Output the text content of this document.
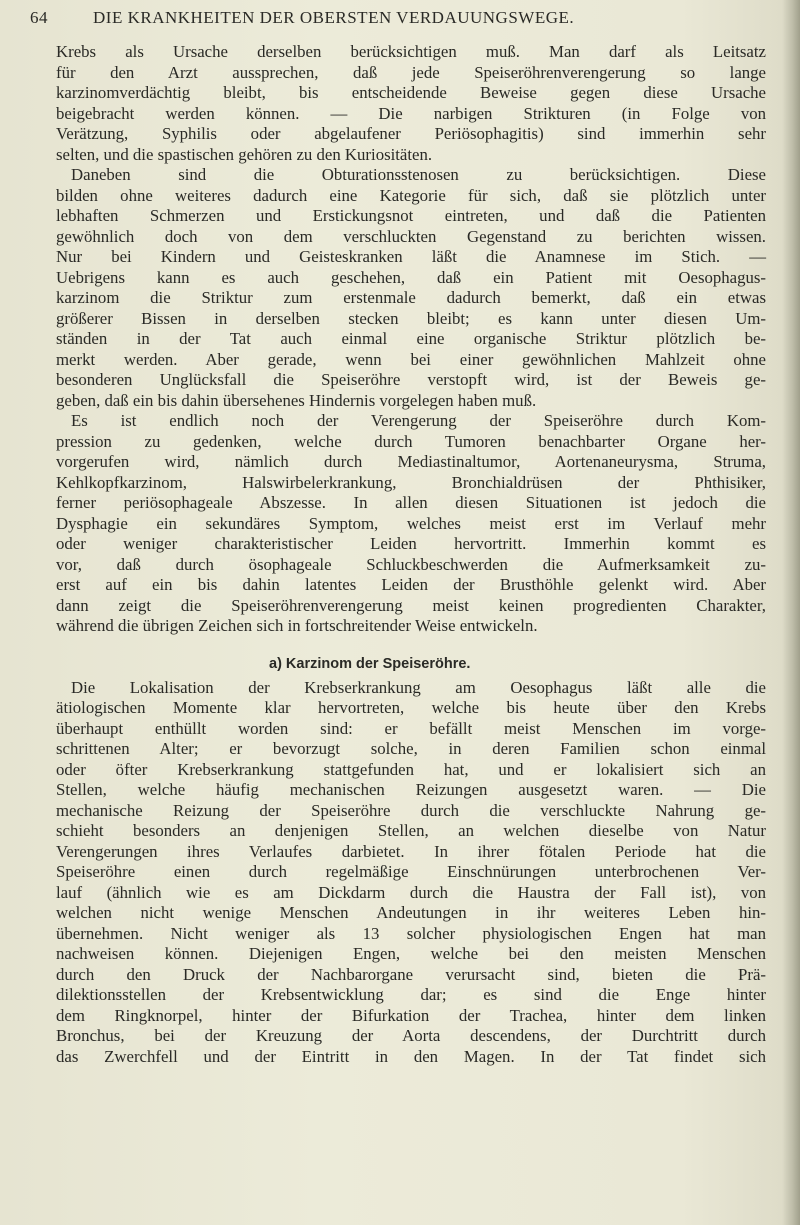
64	DIE KRANKHEITEN DER OBERSTEN VERDAUUNGSWEGE.
Krebs als Ursache derselben berücksichtigen muß. Man darf als Leitsatz
für den Arzt aussprechen, daß jede Speiseröhrenverengerung so lange
karzinomverdächtig bleibt, bis entscheidende Beweise gegen diese Ursache
beigebracht werden können. — Die narbigen Strikturen (in Folge von
Verätzung, Syphilis oder abgelaufener Periösophagitis) sind immerhin sehr
selten, und die spastischen gehören zu den Kuriositäten.
Daneben sind die Obturationsstenosen zu berücksichtigen. Diese
bilden ohne weiteres dadurch eine Kategorie für sich, daß sie plötzlich unter
lebhaften Schmerzen und Erstickungsnot eintreten, und daß die Patienten
gewöhnlich doch von dem verschluckten Gegenstand zu berichten wissen.
Nur bei Kindern und Geisteskranken läßt die Anamnese im Stich. —
Uebrigens kann es auch geschehen, daß ein Patient mit Oesophagus-
karzinom die Striktur zum erstenmale dadurch bemerkt, daß ein etwas
größerer Bissen in derselben stecken bleibt; es kann unter diesen Um-
ständen in der Tat auch einmal eine organische Striktur plötzlich be-
merkt werden. Aber gerade, wenn bei einer gewöhnlichen Mahlzeit ohne
besonderen Unglücksfall die Speiseröhre verstopft wird, ist der Beweis ge-
geben, daß ein bis dahin übersehenes Hindernis vorgelegen haben muß.
Es ist endlich noch der Verengerung der Speiseröhre durch Kom-
pression zu gedenken, welche durch Tumoren benachbarter Organe her-
vorgerufen wird, nämlich durch Mediastinaltumor, Aortenaneurysma, Struma,
Kehlkopfkarzinom, Halswirbelerkrankung, Bronchialdrüsen der Phthisiker,
ferner periösophageale Abszesse. In allen diesen Situationen ist jedoch die
Dysphagie ein sekundäres Symptom, welches meist erst im Verlauf mehr
oder weniger charakteristischer Leiden hervortritt. Immerhin kommt es
vor, daß durch ösophageale Schluckbeschwerden die Aufmerksamkeit zu-
erst auf ein bis dahin latentes Leiden der Brusthöhle gelenkt wird. Aber
dann zeigt die Speiseröhrenverengerung meist keinen progredienten Charakter,
während die übrigen Zeichen sich in fortschreitender Weise entwickeln.
a) Karzinom der Speiseröhre.
Die Lokalisation der Krebserkrankung am Oesophagus läßt alle die
ätiologischen Momente klar hervortreten, welche bis heute über den Krebs
überhaupt enthüllt worden sind: er befällt meist Menschen im vorge-
schrittenen Alter; er bevorzugt solche, in deren Familien schon einmal
oder öfter Krebserkrankung stattgefunden hat, und er lokalisiert sich an
Stellen, welche häufig mechanischen Reizungen ausgesetzt waren. — Die
mechanische Reizung der Speiseröhre durch die verschluckte Nahrung ge-
schieht besonders an denjenigen Stellen, an welchen dieselbe von Natur
Verengerungen ihres Verlaufes darbietet. In ihrer fötalen Periode hat die
Speiseröhre einen durch regelmäßige Einschnürungen unterbrochenen Ver-
lauf (ähnlich wie es am Dickdarm durch die Haustra der Fall ist), von
welchen nicht wenige Menschen Andeutungen in ihr weiteres Leben hin-
übernehmen. Nicht weniger als 13 solcher physiologischen Engen hat man
nachweisen können. Diejenigen Engen, welche bei den meisten Menschen
durch den Druck der Nachbarorgane verursacht sind, bieten die Prä-
dilektionsstellen der Krebsentwicklung dar; es sind die Enge hinter
dem Ringknorpel, hinter der Bifurkation der Trachea, hinter dem linken
Bronchus, bei der Kreuzung der Aorta descendens, der Durchtritt durch
das Zwerchfell und der Eintritt in den Magen. In der Tat findet sich
